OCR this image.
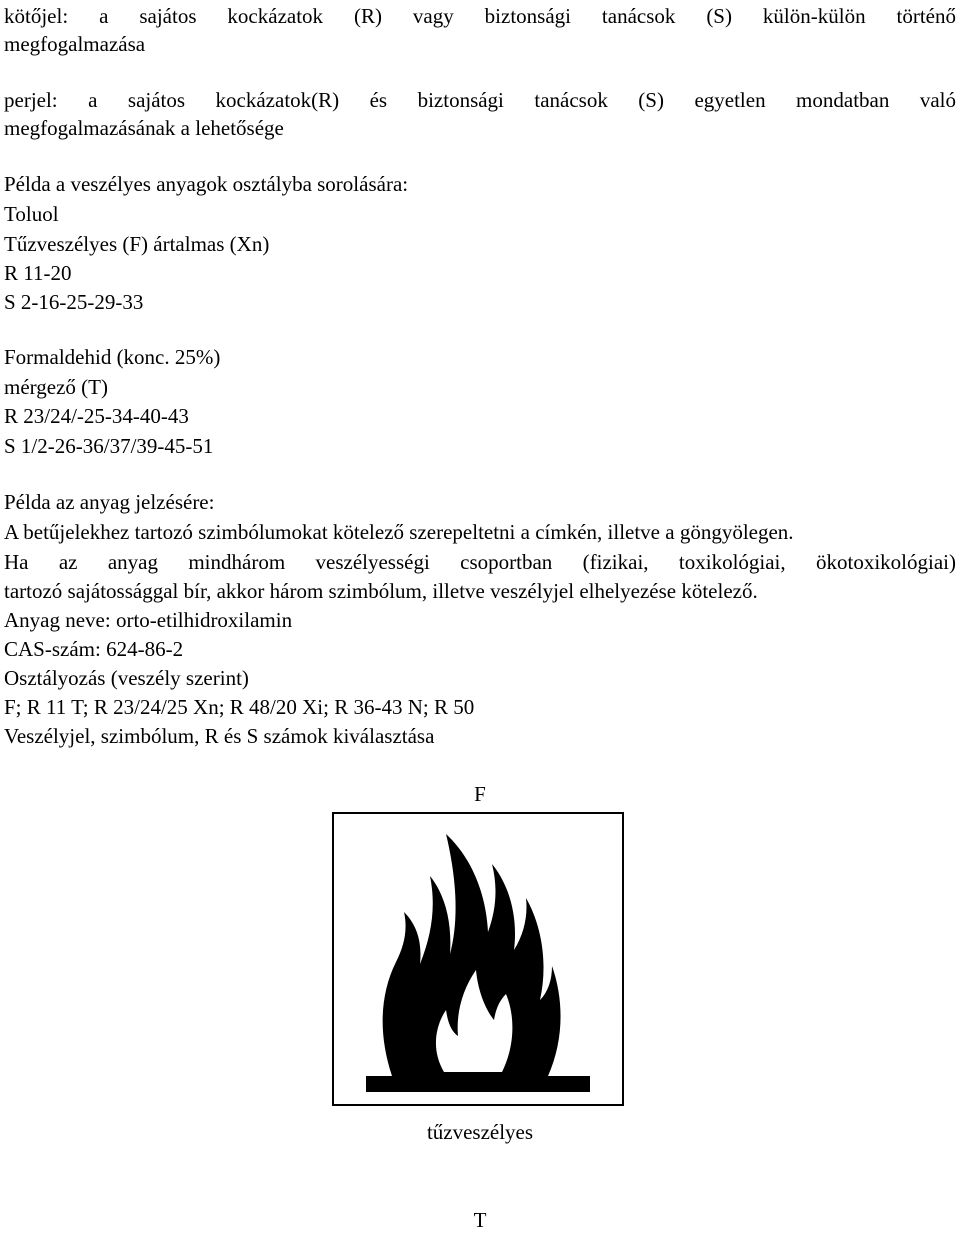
kötőjel: a sajátos kockázatok (R) vagy biztonsági tanácsok (S) külön-külön történő
megfogalmazása
perjel: a sajátos kockázatok(R) és biztonsági tanácsok (S) egyetlen mondatban való
megfogalmazásának a lehetősége
Példa a veszélyes anyagok osztályba sorolására:
Toluol
Tűzveszélyes (F) ártalmas (Xn)
R 11-20
S 2-16-25-29-33
Formaldehid (konc. 25%)
mérgező (T)
R 23/24/-25-34-40-43
S 1/2-26-36/37/39-45-51
Példa az anyag jelzésére:
A betűjelekhez tartozó szimbólumokat kötelező szerepeltetni a címkén, illetve a göngyölegen.
Ha az anyag mindhárom veszélyességi csoportban (fizikai, toxikológiai, ökotoxikológiai)
tartozó sajátossággal bír, akkor három szimbólum, illetve veszélyjel elhelyezése kötelező.
Anyag neve: orto-etilhidroxilamin
CAS-szám: 624-86-2
Osztályozás (veszély szerint)
F; R 11 T; R 23/24/25 Xn; R 48/20 Xi; R 36-43 N; R 50
Veszélyjel, szimbólum, R és S számok kiválasztása
F
tűzveszélyes
T
